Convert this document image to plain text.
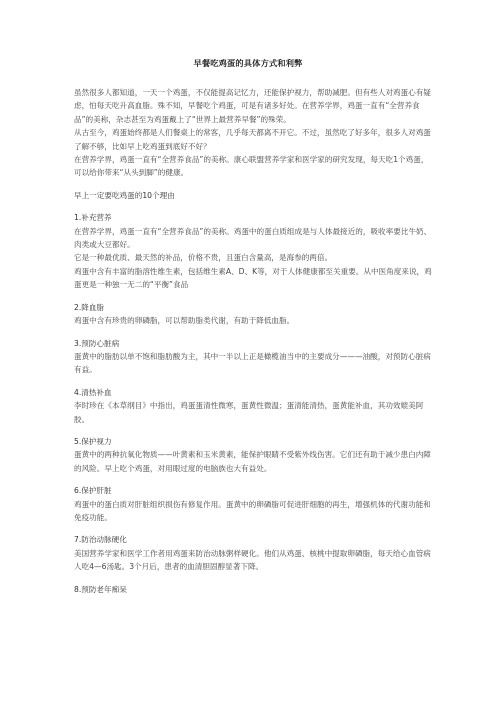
早餐吃鸡蛋的具体方式和利弊

虽然很多人都知道，一天一个鸡蛋，不仅能提高记忆力，还能保护视力，帮助减肥。但有些人对鸡蛋心有疑虑，怕每天吃升高血脂。殊不知，早餐吃个鸡蛋，可是有诸多好处。在营养学界，鸡蛋一直有“全营养食品”的美称，杂志甚至为鸡蛋戴上了“世界上最营养早餐”的殊荣。

从古至今，鸡蛋始终都是人们餐桌上的常客，几乎每天都离不开它。不过，虽然吃了好多年，很多人对鸡蛋了解不够，比如早上吃鸡蛋到底好不好？

在营养学界，鸡蛋一直有“全营养食品”的美称。康心联盟营养学家和医学家的研究发现，每天吃1个鸡蛋，可以给你带来“从头到脚”的健康。

早上一定要吃鸡蛋的10个理由

1.补充营养

在营养学界，鸡蛋一直有“全营养食品”的美称。鸡蛋中的蛋白质组成是与人体最接近的，吸收率要比牛奶、肉类或大豆都好。

它是一种最优质、最天然的补品，价格不贵，且蛋白含量高，是海参的两倍。

鸡蛋中含有丰富的脂溶性维生素，包括维生素A、D、K等，对于人体健康都至关重要。从中医角度来说，鸡蛋更是一种独一无二的“平衡”食品

2.降血脂

鸡蛋中含有珍贵的卵磷脂，可以帮助脂类代谢，有助于降低血脂。

3.预防心脏病

蛋黄中的脂肪以单不饱和脂肪酸为主，其中一半以上正是橄榄油当中的主要成分———油酸，对预防心脏病有益。

4.清热补血

李时珍在《本草纲目》中指出，鸡蛋蛋清性微寒，蛋黄性微温；蛋清能清热，蛋黄能补血，其功效媲美阿胶。

5.保护视力

蛋黄中的两种抗氧化物质——叶黄素和玉米黄素，能保护眼睛不受紫外线伤害。它们还有助于减少患白内障的风险。早上吃个鸡蛋，对用眼过度的电脑族也大有益处。

6.保护肝脏

鸡蛋中的蛋白质对肝脏组织损伤有修复作用。蛋黄中的卵磷脂可促进肝细胞的再生，增强机体的代谢功能和免疫功能。

7.防治动脉硬化

美国营养学家和医学工作者用鸡蛋来防治动脉粥样硬化。他们从鸡蛋、核桃中提取卵磷脂，每天给心血管病人吃4—6汤匙。3个月后，患者的血清胆固醇显著下降。

8.预防老年痴呆
